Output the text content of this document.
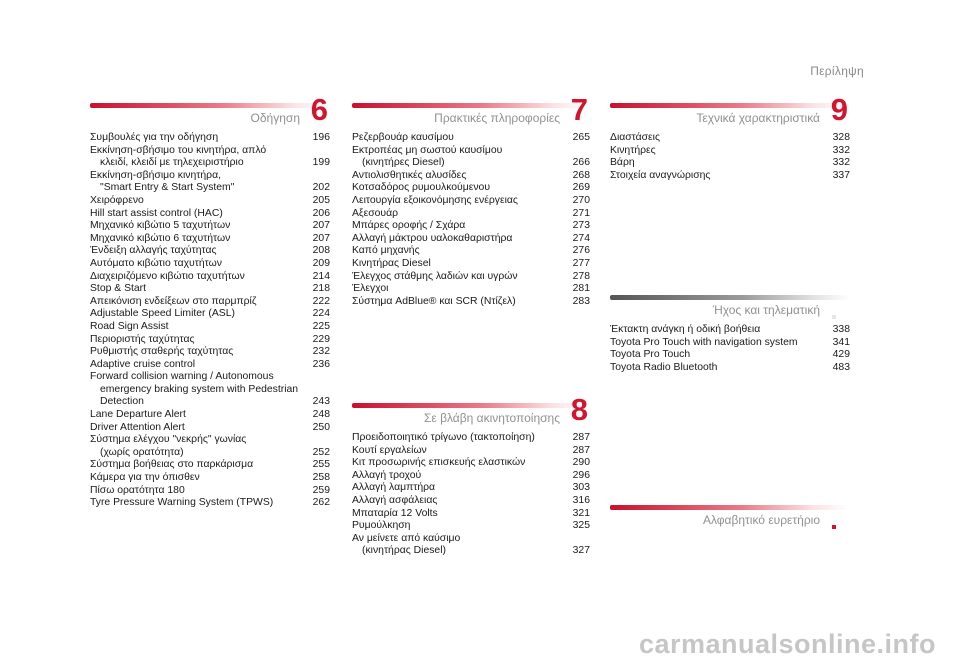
Περίληψη
Οδήγηση 6
Συμβουλές για την οδήγηση	196
Εκκίνηση-σβήσιμο του κινητήρα, απλό
κλειδί, κλειδί με τηλεχειριστήριο	199
Εκκίνηση-σβήσιμο κινητήρα,
"Smart Entry & Start System"	202
Χειρόφρενο	205
Hill start assist control (HAC)	206
Μηχανικό κιβώτιο 5 ταχυτήτων	207
Μηχανικό κιβώτιο 6 ταχυτήτων	207
Ένδειξη αλλαγής ταχύτητας	208
Αυτόματο κιβώτιο ταχυτήτων	209
Διαχειριζόμενο κιβώτιο ταχυτήτων	214
Stop & Start	218
Απεικόνιση ενδείξεων στο παρμπρίζ	222
Adjustable Speed Limiter (ASL)	224
Road Sign Assist	225
Περιοριστής ταχύτητας	229
Ρυθμιστής σταθερής ταχύτητας	232
Adaptive cruise control	236
Forward collision warning / Autonomous
emergency braking system with Pedestrian
Detection	243
Lane Departure Alert	248
Driver Attention Alert	250
Σύστημα ελέγχου "νεκρής" γωνίας
(χωρίς ορατότητα)	252
Σύστημα βοήθειας στο παρκάρισμα	255
Κάμερα για την όπισθεν	258
Πίσω ορατότητα 180	259
Tyre Pressure Warning System (TPWS)	262
Πρακτικές πληροφορίες 7
Ρεζερβουάρ καυσίμου	265
Εκτροπέας μη σωστού καυσίμου
(κινητήρες Diesel)	266
Αντιολισθητικές αλυσίδες	268
Κοτσαδόρος ρυμουλκούμενου	269
Λειτουργία εξοικονόμησης ενέργειας	270
Αξεσουάρ	271
Μπάρες οροφής / Σχάρα	273
Αλλαγή μάκτρου υαλοκαθαριστήρα	274
Καπό μηχανής	276
Κινητήρας Diesel	277
Έλεγχος στάθμης λαδιών και υγρών	278
Έλεγχοι	281
Σύστημα AdBlue® και SCR (Ντίζελ)	283
Σε βλάβη ακινητοποίησης 8
Προειδοποιητικό τρίγωνο (τακτοποίηση)	287
Κουτί εργαλείων	287
Κιτ προσωρινής επισκευής ελαστικών	290
Αλλαγή τροχού	296
Αλλαγή λαμπτήρα	303
Αλλαγή ασφάλειας	316
Μπαταρία 12 Volts	321
Ρυμούλκηση	325
Αν μείνετε από καύσιμο
(κινητήρας Diesel)	327
Τεχνικά χαρακτηριστικά 9
Διαστάσεις	328
Κινητήρες	332
Βάρη	332
Στοιχεία αναγνώρισης	337
Ήχος και τηλεματική
Έκτακτη ανάγκη ή οδική βοήθεια	338
Toyota Pro Touch with navigation system	341
Toyota Pro Touch	429
Toyota Radio Bluetooth	483
Αλφαβητικό ευρετήριο
carmanualsonline.info
